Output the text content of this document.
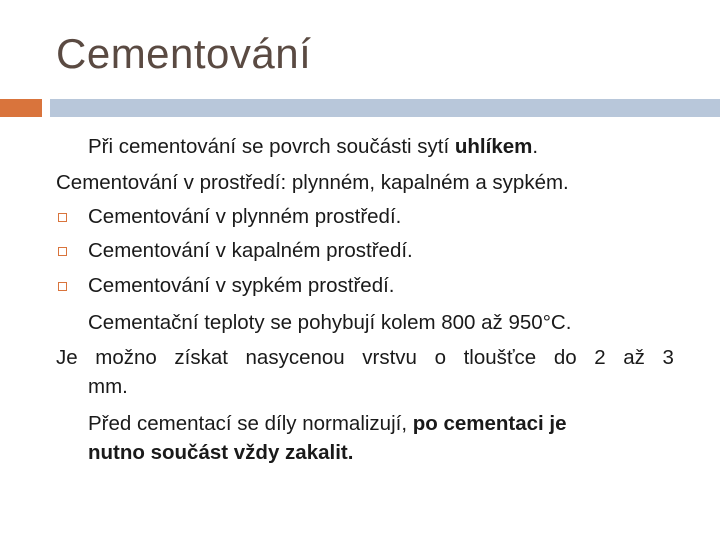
Cementování
Při cementování se povrch součásti sytí uhlíkem.
Cementování v prostředí: plynném, kapalném a sypkém.
Cementování v plynném prostředí.
Cementování v kapalném prostředí.
Cementování v sypkém prostředí.
Cementační teploty se pohybují kolem 800 až 950°C.
Je možno získat nasycenou vrstvu o tloušťce do 2 až 3
mm.
Před cementací se díly normalizují, po cementaci je
nutno součást vždy zakalit.
